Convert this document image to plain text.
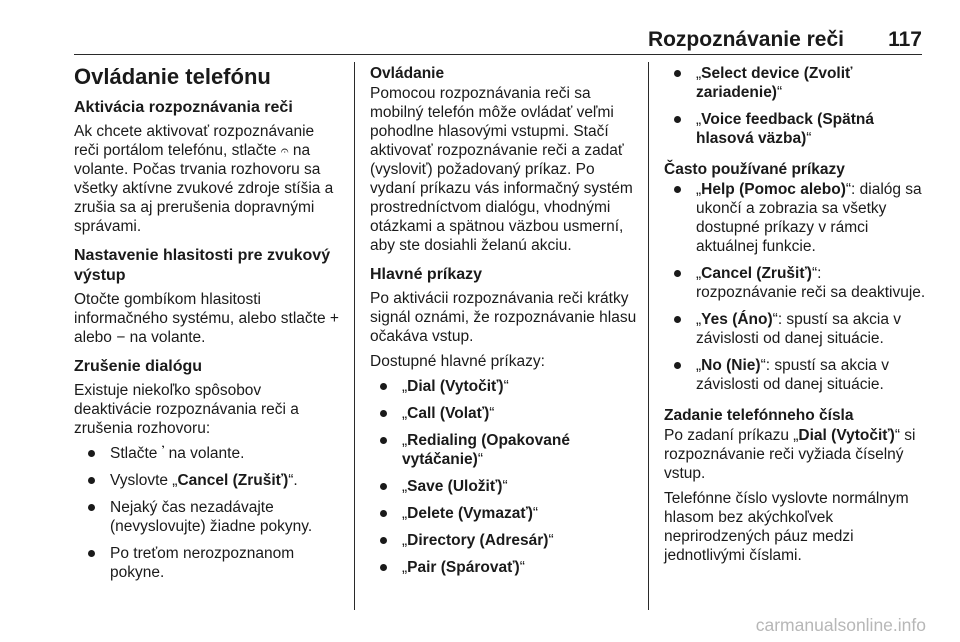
Rozpoznávanie reči 117
Ovládanie telefónu
Aktivácia rozpoznávania reči

Ak chcete aktivovať rozpoznávanie reči portálom telefónu, stlačte 𝄐 na volante. Počas trvania rozhovoru sa všetky aktívne zvukové zdroje stíšia a zrušia sa aj prerušenia dopravnými správami.

Nastavenie hlasitosti pre zvukový výstup

Otočte gombíkom hlasitosti informačného systému, alebo stlačte + alebo − na volante.

Zrušenie dialógu

Existuje niekoľko spôsobov deaktivácie rozpoznávania reči a zrušenia rozhovoru:

Stlačte 𝄒 na volante.
Vyslovte „Cancel (Zrušiť)“.
Nejaký čas nezadávajte (nevyslovujte) žiadne pokyny.
Po treťom nerozpoznanom pokyne.
Ovládanie

Pomocou rozpoznávania reči sa mobilný telefón môže ovládať veľmi pohodlne hlasovými vstupmi. Stačí aktivovať rozpoznávanie reči a zadať (vysloviť) požadovaný príkaz. Po vydaní príkazu vás informačný systém prostredníctvom dialógu, vhodnými otázkami a spätnou väzbou usmerní, aby ste dosiahli želanú akciu.

Hlavné príkazy

Po aktivácii rozpoznávania reči krátky signál oznámi, že rozpoznávanie hlasu očakáva vstup.

Dostupné hlavné príkazy:

„Dial (Vytočiť)“
„Call (Volať)“
„Redialing (Opakované vytáčanie)“
„Save (Uložiť)“
„Delete (Vymazať)“
„Directory (Adresár)“
„Pair (Spárovať)“
„Select device (Zvoliť zariadenie)“
„Voice feedback (Spätná hlasová väzba)“
Často používané príkazy
„Help (Pomoc alebo)“: dialóg sa ukončí a zobrazia sa všetky dostupné príkazy v rámci aktuálnej funkcie.
„Cancel (Zrušiť)“: rozpoznávanie reči sa deaktivuje.
„Yes (Áno)“: spustí sa akcia v závislosti od danej situácie.
„No (Nie)“: spustí sa akcia v závislosti od danej situácie.
Zadanie telefónneho čísla

Po zadaní príkazu „Dial (Vytočiť)“ si rozpoznávanie reči vyžiada číselný vstup.

Telefónne číslo vyslovte normálnym hlasom bez akýchkoľvek neprirodzených páuz medzi jednotlivými číslami.

carmanualsonline.info
